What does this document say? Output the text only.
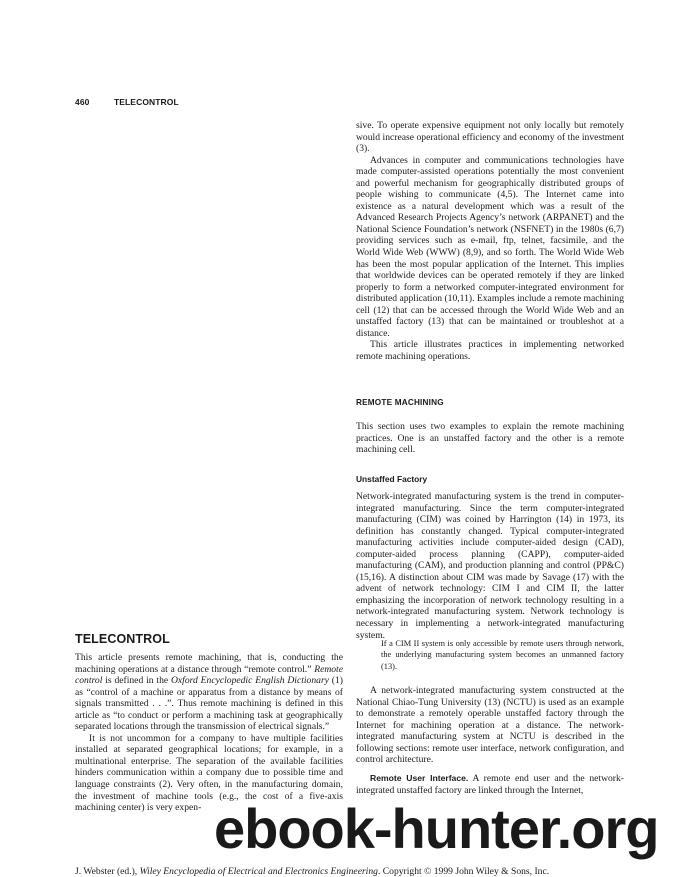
460	TELECONTROL

sive. To operate expensive equipment not only locally but remotely would increase operational efficiency and economy of the investment (3).

Advances in computer and communications technologies have made computer-assisted operations potentially the most convenient and powerful mechanism for geographically distributed groups of people wishing to communicate (4,5). The Internet came into existence as a natural development which was a result of the Advanced Research Projects Agency’s network (ARPANET) and the National Science Foundation’s network (NSFNET) in the 1980s (6,7) providing services such as e-mail, ftp, telnet, facsimile, and the World Wide Web (WWW) (8,9), and so forth. The World Wide Web has been the most popular application of the Internet. This implies that worldwide devices can be operated remotely if they are linked properly to form a networked computer-integrated environment for distributed application (10,11). Examples include a remote machining cell (12) that can be accessed through the World Wide Web and an unstaffed factory (13) that can be maintained or troubleshot at a distance.

This article illustrates practices in implementing networked remote machining operations.

REMOTE MACHINING

This section uses two examples to explain the remote machining practices. One is an unstaffed factory and the other is a remote machining cell.

Unstaffed Factory

Network-integrated manufacturing system is the trend in computer-integrated manufacturing. Since the term computer-integrated manufacturing (CIM) was coined by Harrington (14) in 1973, its definition has constantly changed. Typical computer-integrated manufacturing activities include computer-aided design (CAD), computer-aided process planning (CAPP), computer-aided manufacturing (CAM), and production planning and control (PP&C) (15,16). A distinction about CIM was made by Savage (17) with the advent of network technology: CIM I and CIM II, the latter emphasizing the incorporation of network technology resulting in a network-integrated manufacturing system. Network technology is necessary in implementing a network-integrated manufacturing system.

If a CIM II system is only accessible by remote users through network, the underlying manufacturing system becomes an unmanned factory (13).

A network-integrated manufacturing system constructed at the National Chiao-Tung University (13) (NCTU) is used as an example to demonstrate a remotely operable unstaffed factory through the Internet for machining operation at a distance. The network-integrated manufacturing system at NCTU is described in the following sections: remote user interface, network configuration, and control architecture.

Remote User Interface. A remote end user and the network-integrated unstaffed factory are linked through the Internet,

TELECONTROL

This article presents remote machining, that is, conducting the machining operations at a distance through “remote control.” Remote control is defined in the Oxford Encyclopedic English Dictionary (1) as “control of a machine or apparatus from a distance by means of signals transmitted . . .”. Thus remote machining is defined in this article as “to conduct or perform a machining task at geographically separated locations through the transmission of electrical signals.”

It is not uncommon for a company to have multiple facilities installed at separated geographical locations; for example, in a multinational enterprise. The separation of the available facilities hinders communication within a company due to possible time and language constraints (2). Very often, in the manufacturing domain, the investment of machine tools (e.g., the cost of a five-axis machining center) is very expen-

J. Webster (ed.), Wiley Encyclopedia of Electrical and Electronics Engineering. Copyright © 1999 John Wiley & Sons, Inc.
ebook-hunter.org
